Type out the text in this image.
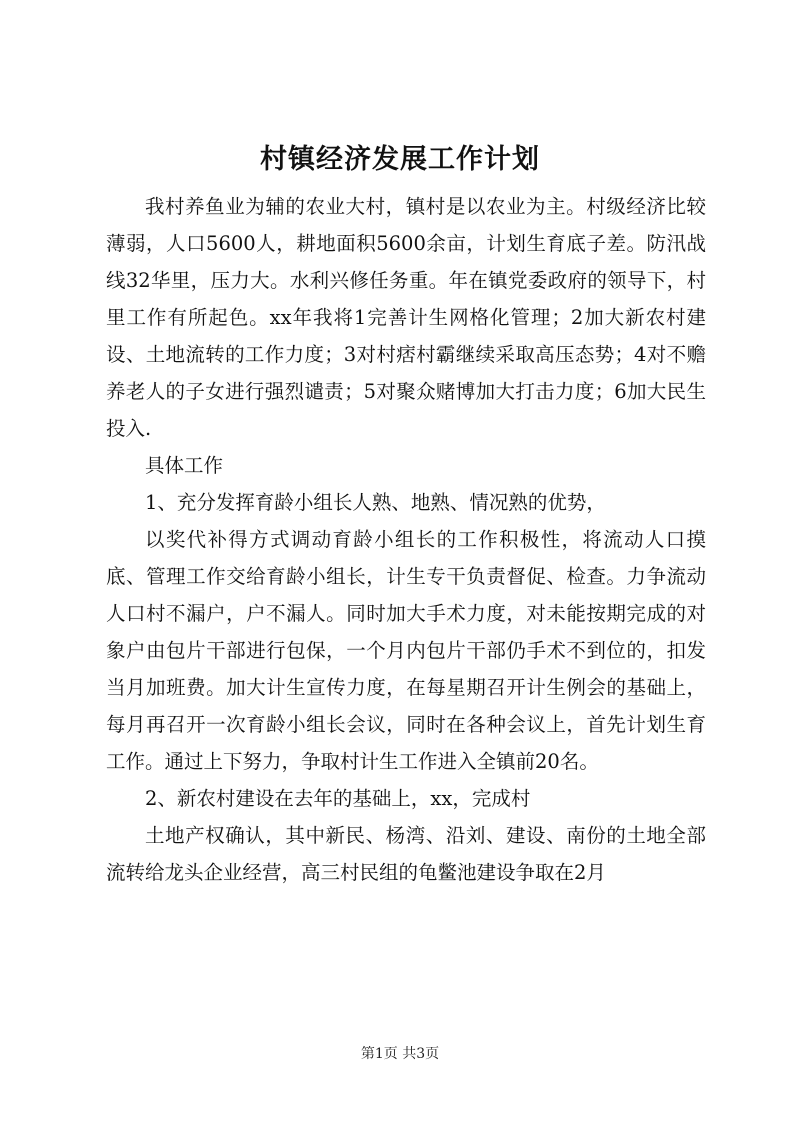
村镇经济发展工作计划

我村养鱼业为辅的农业大村，镇村是以农业为主。村级经济比较薄弱，人口5600人，耕地面积5600余亩，计划生育底子差。防汛战线32华里，压力大。水利兴修任务重。年在镇党委政府的领导下，村里工作有所起色。xx年我将1完善计生网格化管理；2加大新农村建设、土地流转的工作力度；3对村痞村霸继续采取高压态势；4对不赡养老人的子女进行强烈谴责；5对聚众赌博加大打击力度；6加大民生投入.

具体工作

1、充分发挥育龄小组长人熟、地熟、情况熟的优势，

以奖代补得方式调动育龄小组长的工作积极性，将流动人口摸底、管理工作交给育龄小组长，计生专干负责督促、检查。力争流动人口村不漏户，户不漏人。同时加大手术力度，对未能按期完成的对象户由包片干部进行包保，一个月内包片干部仍手术不到位的，扣发当月加班费。加大计生宣传力度，在每星期召开计生例会的基础上，每月再召开一次育龄小组长会议，同时在各种会议上，首先计划生育工作。通过上下努力，争取村计生工作进入全镇前20名。

2、新农村建设在去年的基础上，xx，完成村

土地产权确认，其中新民、杨湾、沿刘、建设、南份的土地全部流转给龙头企业经营，高三村民组的龟鳖池建设争取在2月

第1页 共3页
